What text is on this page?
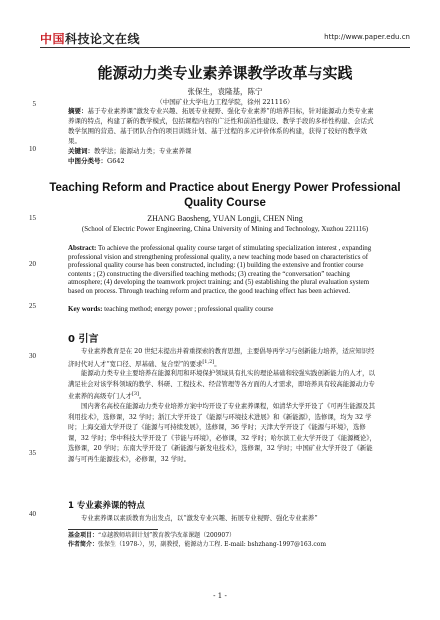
中国科技论文在线	http://www.paper.edu.cn
5
10
15
20
25
30
35
40
能源动力类专业素养课教学改革与实践
张保生，袁隆基，陈宁
（中国矿业大学电力工程学院，徐州 221116）
摘要：基于专业素养课“激发专业兴趣、拓展专业视野、强化专业素养”的培养目标，针对能源动力类专业素养课的特点，构建了新的教学模式，包括课程内容的广泛性和前沿性建设、教学手段的多样性构建、会话式教学氛围的营造、基于团队合作的项目训练计划、基于过程的多元评价体系的构建，获得了较好的教学效果。
关键词：教学法；能源动力类；专业素养课
中图分类号：G642
Teaching Reform and Practice about Energy Power Professional Quality Course
ZHANG Baosheng, YUAN Longji, CHEN Ning
(School of Electric Power Engineering, China University of Mining and Technology, Xuzhou 221116)
Abstract: To achieve the professional quality course target of stimulating specialization interest , expanding professional vision and strengthening professional quality, a new teaching mode based on characteristics of professional quality course has been constructed, including: (1) building the extensive and frontier course contents ; (2) constructing the diversified teaching methods; (3) creating the “conversation” teaching atmosphere; (4) developing the teamwork project training; and (5) establishing the plural evaluation system based on process. Through teaching reform and practice, the good teaching effect has been achieved.
Key words: teaching method; energy power ; professional quality course
0 引言
专业素养教育是在 20 世纪末提出并着重探索的教育思想，主要倡导再学习与创新能力培养，适应知识经济时代对人才“宽口径、厚基础、复合型”的要求[1,2]。
能源动力类专业主要培养在能源利用和环境保护领域具有扎实的理论基础和较强实践创新能力的人才，以满足社会对该学科领域的教学、科研、工程技术、经营管理等各方面的人才需求，即培养具有较高能源动力专业素养的高级专门人才[3]。
国内著名高校在能源动力类专业培养方案中均开设了专业素养课程，如清华大学开设了《可再生能源及其利用技术》，选修课，32 学时；浙江大学开设了《能源与环境技术进展》和《新能源》，选修课，均为 32 学时；上海交通大学开设了《能源与可持续发展》，选修课，36 学时；天津大学开设了《能源与环境》，选修课，32 学时；华中科技大学开设了《节能与环境》，必修课，32 学时；哈尔滨工业大学开设了《能源概论》，选修课，20 学时；东南大学开设了《新能源与新发电技术》，选修课，32 学时；中国矿业大学开设了《新能源与可再生能源技术》，必修课，32 学时。
1 专业素养课的特点
专业素养课以素质教育为出发点，以“激发专业兴趣、拓展专业视野、强化专业素养”
基金项目：“卓越教师培训计划”教育教学改革课题（200907）
作者简介：张保生（1978-），男，副教授，能源动力工程. E-mail: bshzhang-1997@163.com
- 1 -
